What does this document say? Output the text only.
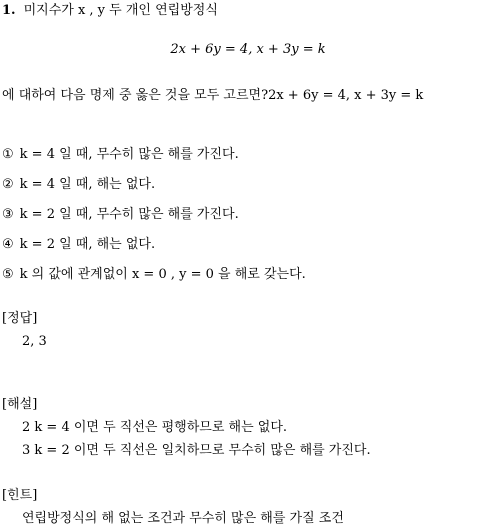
1. 미지수가 x , y 두 개인 연립방정식
2x + 6y = 4, x + 3y = k
에 대하여 다음 명제 중 옳은 것을 모두 고르면?2x + 6y = 4, x + 3y = k
① k = 4 일 때, 무수히 많은 해를 가진다.
② k = 4 일 때, 해는 없다.
③ k = 2 일 때, 무수히 많은 해를 가진다.
④ k = 2 일 때, 해는 없다.
⑤ k 의 값에 관계없이 x = 0 , y = 0 을 해로 갖는다.
[정답]
2, 3
[해설]
2 k = 4 이면 두 직선은 평행하므로 해는 없다.
3 k = 2 이면 두 직선은 일치하므로 무수히 많은 해를 가진다.
[힌트]
연립방정식의 해 없는 조건과 무수히 많은 해를 가질 조건
